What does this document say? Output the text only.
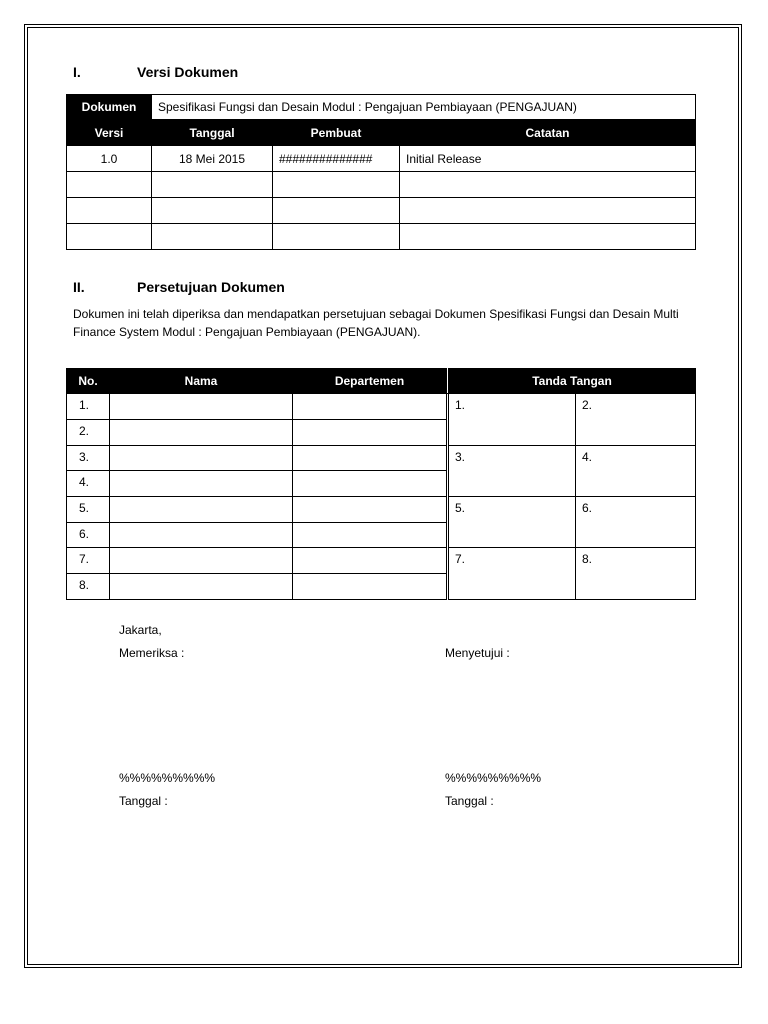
I.	Versi Dokumen
Dokumen	Spesifikasi Fungsi dan Desain Modul : Pengajuan Pembiayaan (PENGAJUAN)		
Versi	Tanggal	Pembuat	Catatan
1.0	18 Mei 2015	##############	Initial Release

II.	Persetujuan Dokumen
Dokumen ini telah diperiksa dan mendapatkan persetujuan sebagai Dokumen Spesifikasi Fungsi dan Desain Multi Finance System Modul : Pengajuan Pembiayaan (PENGAJUAN).
No.	Nama	Departemen		Tanda Tangan	
1.				1.	2.
2.					
3.				3.	4.
4.					
5.				5.	6.
6.					
7.				7.	8.
8.					
Jakarta,
Memeriksa :	Menyetujui :
%%%%%%%%%	%%%%%%%%%
Tanggal :	Tanggal :
